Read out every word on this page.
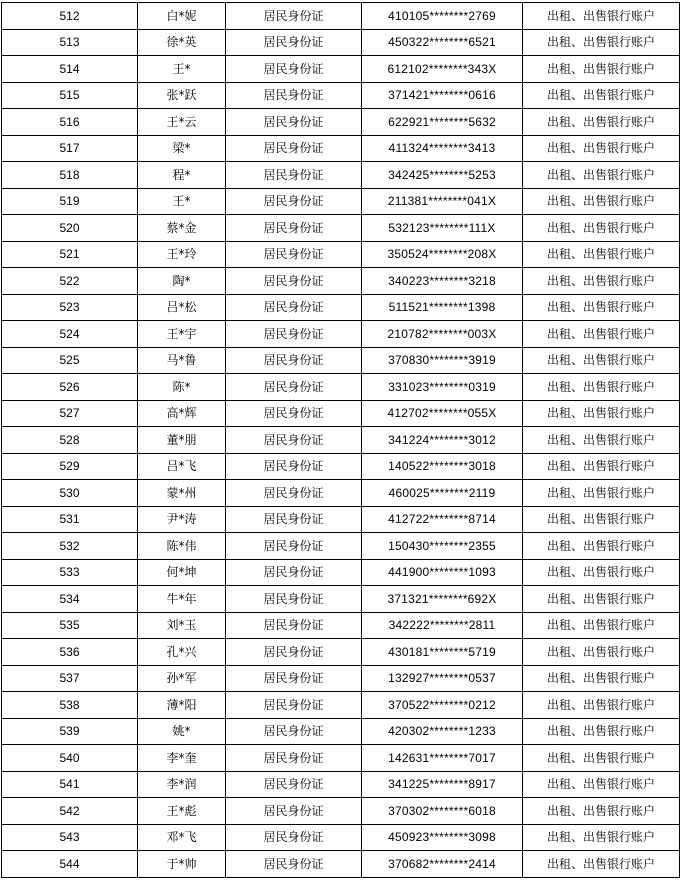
512	白*妮	居民身份证	410105********2769	出租、出售银行账户
513	徐*英	居民身份证	450322********6521	出租、出售银行账户
514	王*	居民身份证	612102********343X	出租、出售银行账户
515	张*跃	居民身份证	371421********0616	出租、出售银行账户
516	王*云	居民身份证	622921********5632	出租、出售银行账户
517	梁*	居民身份证	411324********3413	出租、出售银行账户
518	程*	居民身份证	342425********5253	出租、出售银行账户
519	王*	居民身份证	211381********041X	出租、出售银行账户
520	蔡*金	居民身份证	532123********111X	出租、出售银行账户
521	王*玲	居民身份证	350524********208X	出租、出售银行账户
522	陶*	居民身份证	340223********3218	出租、出售银行账户
523	吕*松	居民身份证	511521********1398	出租、出售银行账户
524	王*宇	居民身份证	210782********003X	出租、出售银行账户
525	马*鲁	居民身份证	370830********3919	出租、出售银行账户
526	陈*	居民身份证	331023********0319	出租、出售银行账户
527	高*辉	居民身份证	412702********055X	出租、出售银行账户
528	董*朋	居民身份证	341224********3012	出租、出售银行账户
529	吕*飞	居民身份证	140522********3018	出租、出售银行账户
530	蒙*州	居民身份证	460025********2119	出租、出售银行账户
531	尹*涛	居民身份证	412722********8714	出租、出售银行账户
532	陈*伟	居民身份证	150430********2355	出租、出售银行账户
533	何*坤	居民身份证	441900********1093	出租、出售银行账户
534	牛*年	居民身份证	371321********692X	出租、出售银行账户
535	刘*玉	居民身份证	342222********2811	出租、出售银行账户
536	孔*兴	居民身份证	430181********5719	出租、出售银行账户
537	孙*军	居民身份证	132927********0537	出租、出售银行账户
538	薄*阳	居民身份证	370522********0212	出租、出售银行账户
539	姚*	居民身份证	420302********1233	出租、出售银行账户
540	李*奎	居民身份证	142631********7017	出租、出售银行账户
541	李*润	居民身份证	341225********8917	出租、出售银行账户
542	王*彪	居民身份证	370302********6018	出租、出售银行账户
543	邓*飞	居民身份证	450923********3098	出租、出售银行账户
544	于*帅	居民身份证	370682********2414	出租、出售银行账户
